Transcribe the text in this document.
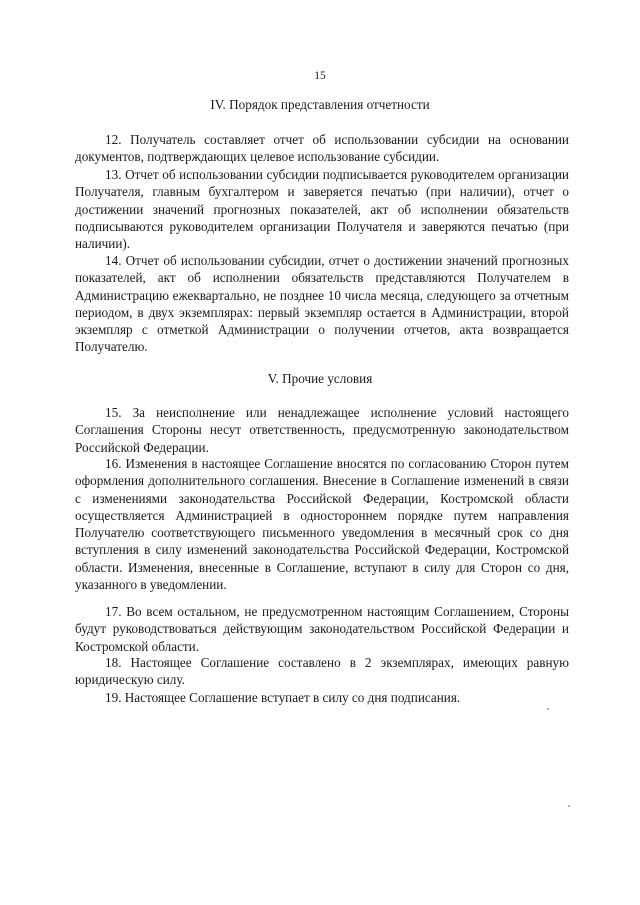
15
IV. Порядок представления отчетности

12. Получатель составляет отчет об использовании субсидии на основании документов, подтверждающих целевое использование субсидии.

13. Отчет об использовании субсидии подписывается руководителем организации Получателя, главным бухгалтером и заверяется печатью (при наличии), отчет о достижении значений прогнозных показателей, акт об исполнении обязательств подписываются руководителем организации Получателя и заверяются печатью (при наличии).

14. Отчет об использовании субсидии, отчет о достижении значений прогнозных показателей, акт об исполнении обязательств представляются Получателем в Администрацию ежеквартально, не позднее 10 числа месяца, следующего за отчетным периодом, в двух экземплярах: первый экземпляр остается в Администрации, второй экземпляр с отметкой Администрации о получении отчетов, акта возвращается Получателю.

V. Прочие условия

15. За неисполнение или ненадлежащее исполнение условий настоящего Соглашения Стороны несут ответственность, предусмотренную законодательством Российской Федерации.

16. Изменения в настоящее Соглашение вносятся по согласованию Сторон путем оформления дополнительного соглашения. Внесение в Соглашение изменений в связи с изменениями законодательства Российской Федерации, Костромской области осуществляется Администрацией в одностороннем порядке путем направления Получателю соответствующего письменного уведомления в месячный срок со дня вступления в силу изменений законодательства Российской Федерации, Костромской области. Изменения, внесенные в Соглашение, вступают в силу для Сторон со дня, указанного в уведомлении.

17. Во всем остальном, не предусмотренном настоящим Соглашением, Стороны будут руководствоваться действующим законодательством Российской Федерации и Костромской области.

18. Настоящее Соглашение составлено в 2 экземплярах, имеющих равную юридическую силу.

19. Настоящее Соглашение вступает в силу со дня подписания.
